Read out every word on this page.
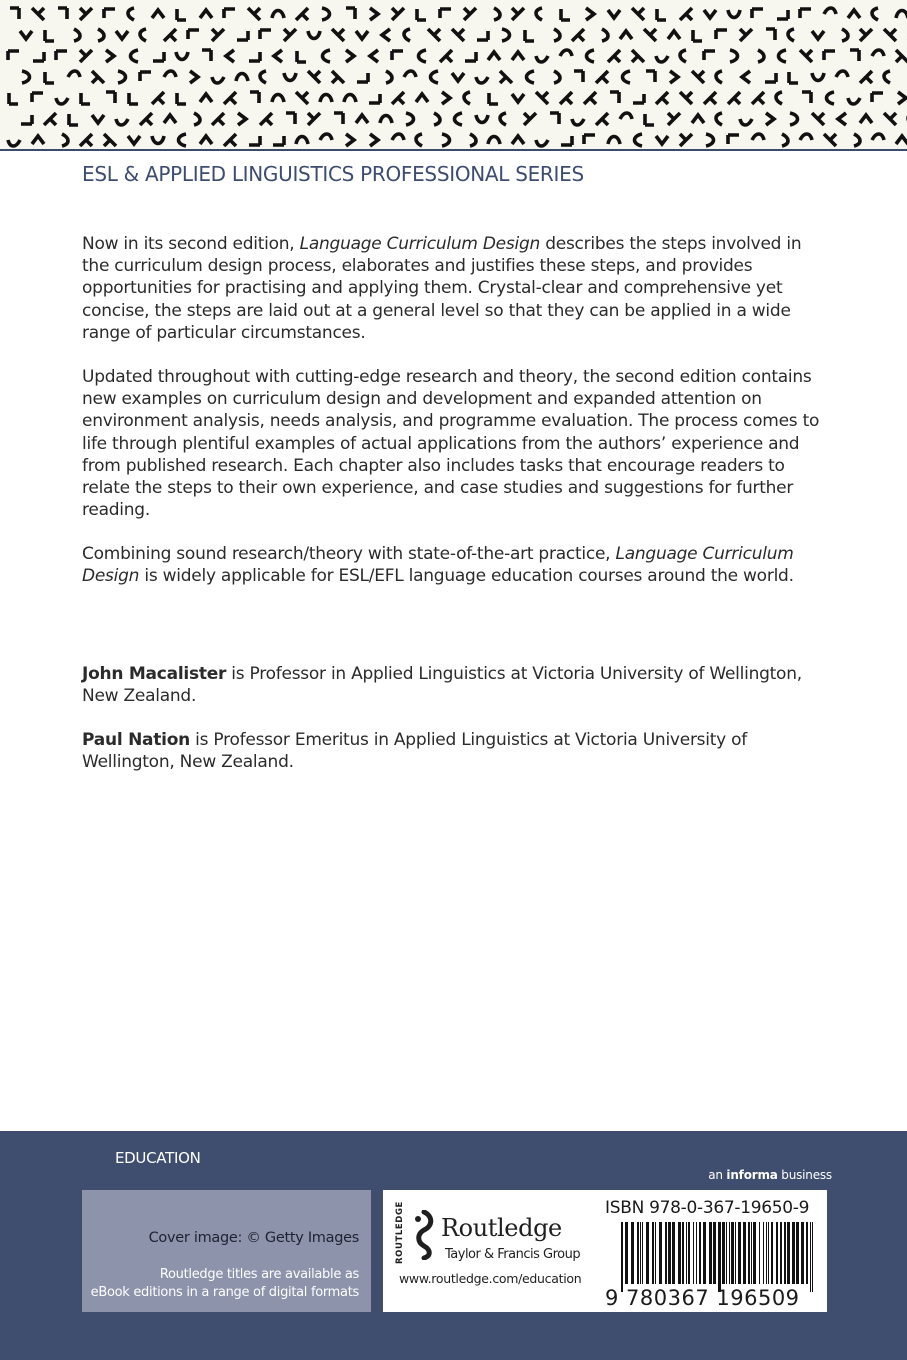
ESL & APPLIED LINGUISTICS PROFESSIONAL SERIES

Now in its second edition, Language Curriculum Design describes the steps involved in the curriculum design process, elaborates and justifies these steps, and provides opportunities for practising and applying them. Crystal-clear and comprehensive yet concise, the steps are laid out at a general level so that they can be applied in a wide range of particular circumstances.

Updated throughout with cutting-edge research and theory, the second edition contains new examples on curriculum design and development and expanded attention on environment analysis, needs analysis, and programme evaluation. The process comes to life through plentiful examples of actual applications from the authors’ experience and from published research. Each chapter also includes tasks that encourage readers to relate the steps to their own experience, and case studies and suggestions for further reading.

Combining sound research/theory with state-of-the-art practice, Language Curriculum Design is widely applicable for ESL/EFL language education courses around the world.

John Macalister is Professor in Applied Linguistics at Victoria University of Wellington, New Zealand.

Paul Nation is Professor Emeritus in Applied Linguistics at Victoria University of Wellington, New Zealand.

EDUCATION
an informa business
Cover image: © Getty Images
Routledge titles are available as
eBook editions in a range of digital formats
ROUTLEDGE Routledge
Taylor & Francis Group
www.routledge.com/education
ISBN 978-0-367-19650-9
9 780367 196509
